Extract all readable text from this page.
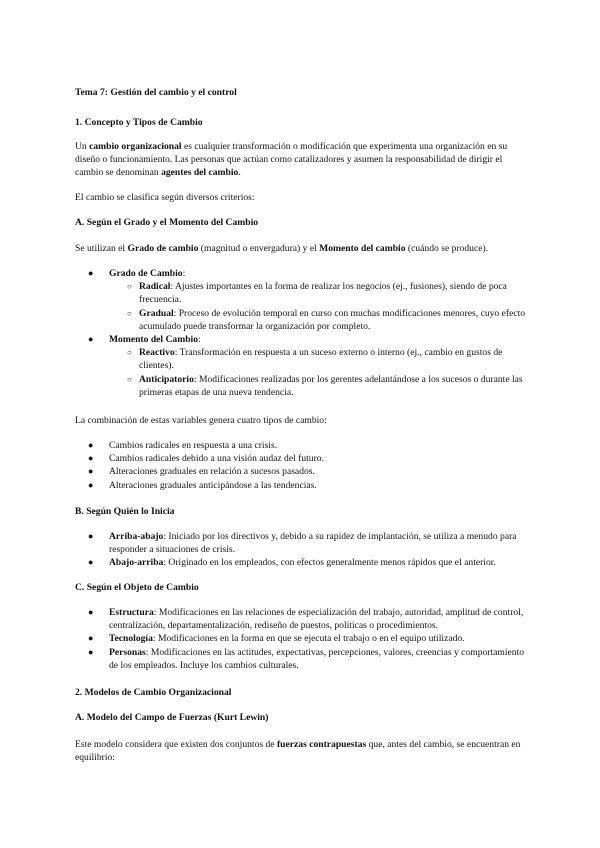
Tema 7: Gestión del cambio y el control

1. Concepto y Tipos de Cambio

Un cambio organizacional es cualquier transformación o modificación que experimenta una organización en su diseño o funcionamiento. Las personas que actúan como catalizadores y asumen la responsabilidad de dirigir el cambio se denominan agentes del cambio.

El cambio se clasifica según diversos criterios:

A. Según el Grado y el Momento del Cambio

Se utilizan el Grado de cambio (magnitud o envergadura) y el Momento del cambio (cuándo se produce).

● Grado de Cambio:
○ Radical: Ajustes importantes en la forma de realizar los negocios (ej., fusiones), siendo de poca frecuencia.
○ Gradual: Proceso de evolución temporal en curso con muchas modificaciones menores, cuyo efecto acumulado puede transformar la organización por completo.
● Momento del Cambio:
○ Reactivo: Transformación en respuesta a un suceso externo o interno (ej., cambio en gustos de clientes).
○ Anticipatorio: Modificaciones realizadas por los gerentes adelantándose a los sucesos o durante las primeras etapas de una nueva tendencia.

La combinación de estas variables genera cuatro tipos de cambio:

● Cambios radicales en respuesta a una crisis.
● Cambios radicales debido a una visión audaz del futuro.
● Alteraciones graduales en relación a sucesos pasados.
● Alteraciones graduales anticipándose a las tendencias.

B. Según Quién lo Inicia

● Arriba-abajo: Iniciado por los directivos y, debido a su rapidez de implantación, se utiliza a menudo para responder a situaciones de crisis.
● Abajo-arriba: Originado en los empleados, con efectos generalmente menos rápidos que el anterior.

C. Según el Objeto de Cambio

● Estructura: Modificaciones en las relaciones de especialización del trabajo, autoridad, amplitud de control, centralización, departamentalización, rediseño de puestos, políticas o procedimientos.
● Tecnología: Modificaciones en la forma en que se ejecuta el trabajo o en el equipo utilizado.
● Personas: Modificaciones en las actitudes, expectativas, percepciones, valores, creencias y comportamiento de los empleados. Incluye los cambios culturales.

2. Modelos de Cambio Organizacional

A. Modelo del Campo de Fuerzas (Kurt Lewin)

Este modelo considera que existen dos conjuntos de fuerzas contrapuestas que, antes del cambio, se encuentran en equilibrio:
